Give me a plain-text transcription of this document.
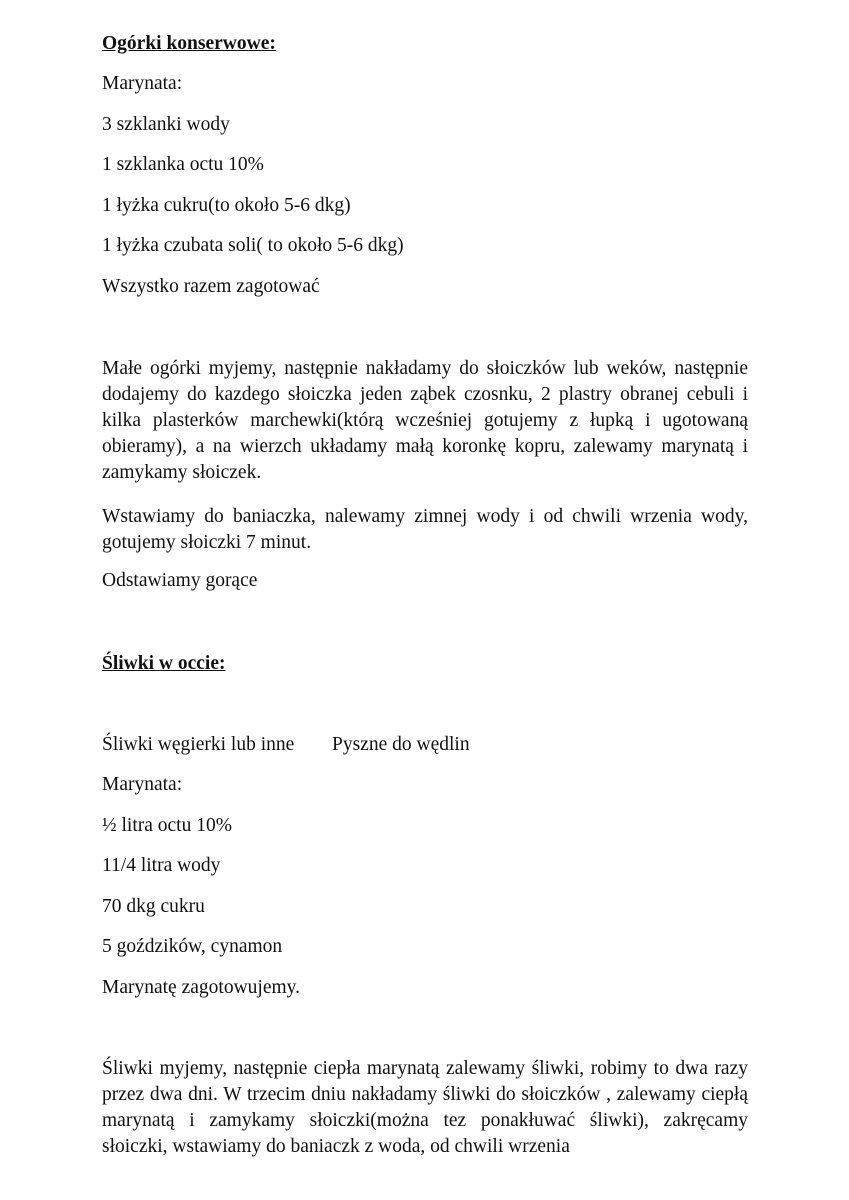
Ogórki konserwowe:
Marynata:
3 szklanki wody
1 szklanka octu 10%
1 łyżka cukru(to około 5-6 dkg)
1 łyżka czubata soli( to około 5-6 dkg)
Wszystko razem zagotować

Małe ogórki myjemy, następnie nakładamy do słoiczków lub weków, następnie dodajemy do kazdego słoiczka jeden ząbek czosnku, 2 plastry obranej cebuli i kilka plasterków marchewki(którą wcześniej gotujemy z łupką i ugotowaną obieramy), a na wierzch układamy małą koronkę kopru, zalewamy marynatą i zamykamy słoiczek.

Wstawiamy do baniaczka, nalewamy zimnej wody i od chwili wrzenia wody, gotujemy słoiczki 7 minut.

Odstawiamy gorące

Śliwki w occie:
Śliwki węgierki lub inne Pyszne do wędlin
Marynata:
½ litra octu 10%
11/4 litra wody
70 dkg cukru
5 goździków, cynamon
Marynatę zagotowujemy.

Śliwki myjemy, następnie ciepła marynatą zalewamy śliwki, robimy to dwa razy przez dwa dni. W trzecim dniu nakładamy śliwki do słoiczków , zalewamy ciepłą marynatą i zamykamy słoiczki(można tez ponakłuwać śliwki), zakręcamy słoiczki, wstawiamy do baniaczk z woda, od chwili wrzenia
